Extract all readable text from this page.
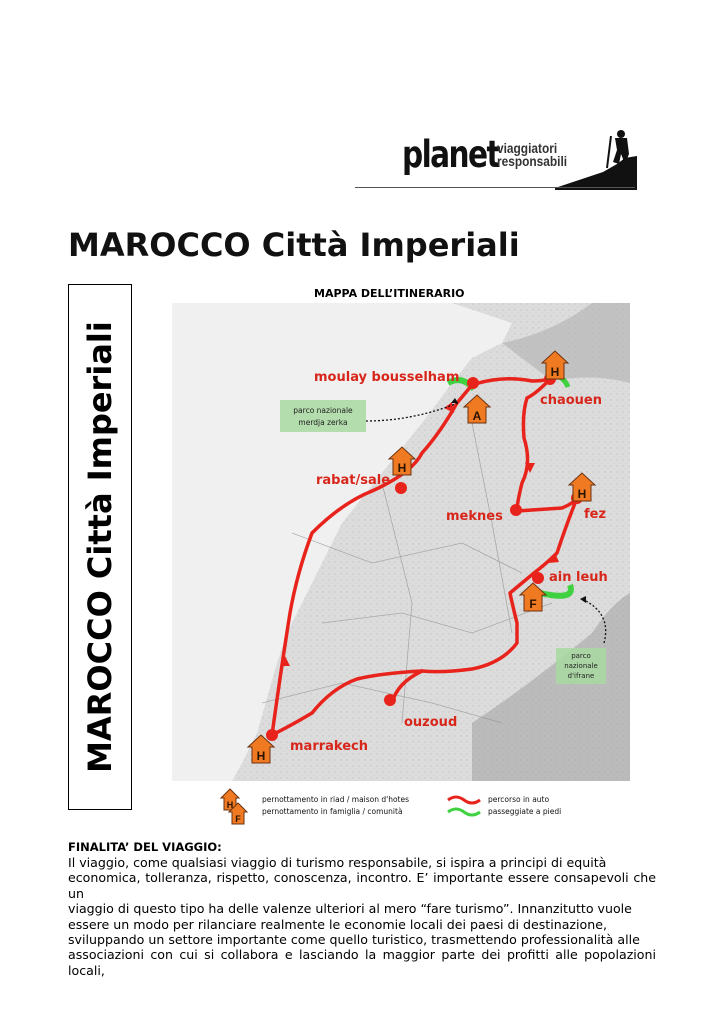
planet
viaggiatori
responsabili
MAROCCO Città Imperiali
MAROCCO Città Imperiali
MAPPA DELL’ITINERARIO
H
A
H
H
F
H
moulay bousselham
chaouen
rabat/sale
meknes	fez
ain leuh
ouzoud
marrakech
parco nazionale
merdja zerka
parco
nazionale
d'ifrane
H
F
pernottamento in riad / maison d'hotes
pernottamento in famiglia / comunità
percorso in auto
passeggiate a piedi
FINALITA’ DEL VIAGGIO:
Il viaggio, come qualsiasi viaggio di turismo responsabile, si ispira a principi di equità
economica, tolleranza, rispetto, conoscenza, incontro. E’ importante essere consapevoli che un
viaggio di questo tipo ha delle valenze ulteriori al mero “fare turismo”. Innanzitutto vuole
essere un modo per rilanciare realmente le economie locali dei paesi di destinazione,
sviluppando un settore importante come quello turistico, trasmettendo professionalità alle
associazioni con cui si collabora e lasciando la maggior parte dei profitti alle popolazioni locali,
